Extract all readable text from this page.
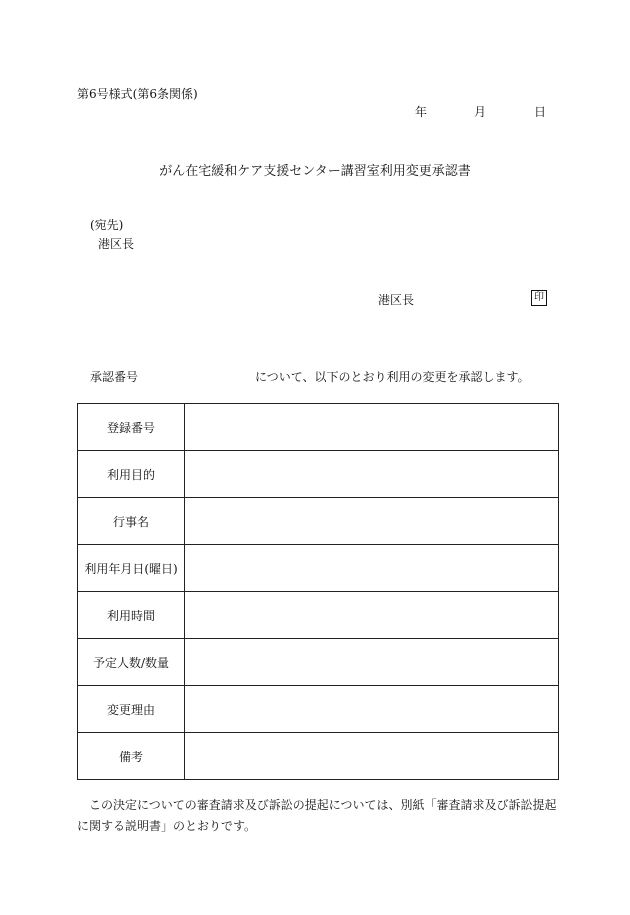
第6号様式(第6条関係)
年	月	日
がん在宅緩和ケア支援センター講習室利用変更承認書
(宛先)
港区長
港区長	印
承認番号	について、以下のとおり利用の変更を承認します。
登録番号	
利用目的	
行事名	
利用年月日(曜日)	
利用時間	
予定人数/数量	
変更理由	
備考	
この決定についての審査請求及び訴訟の提起については、別紙「審査請求及び訴訟提起に関する説明書」のとおりです。
